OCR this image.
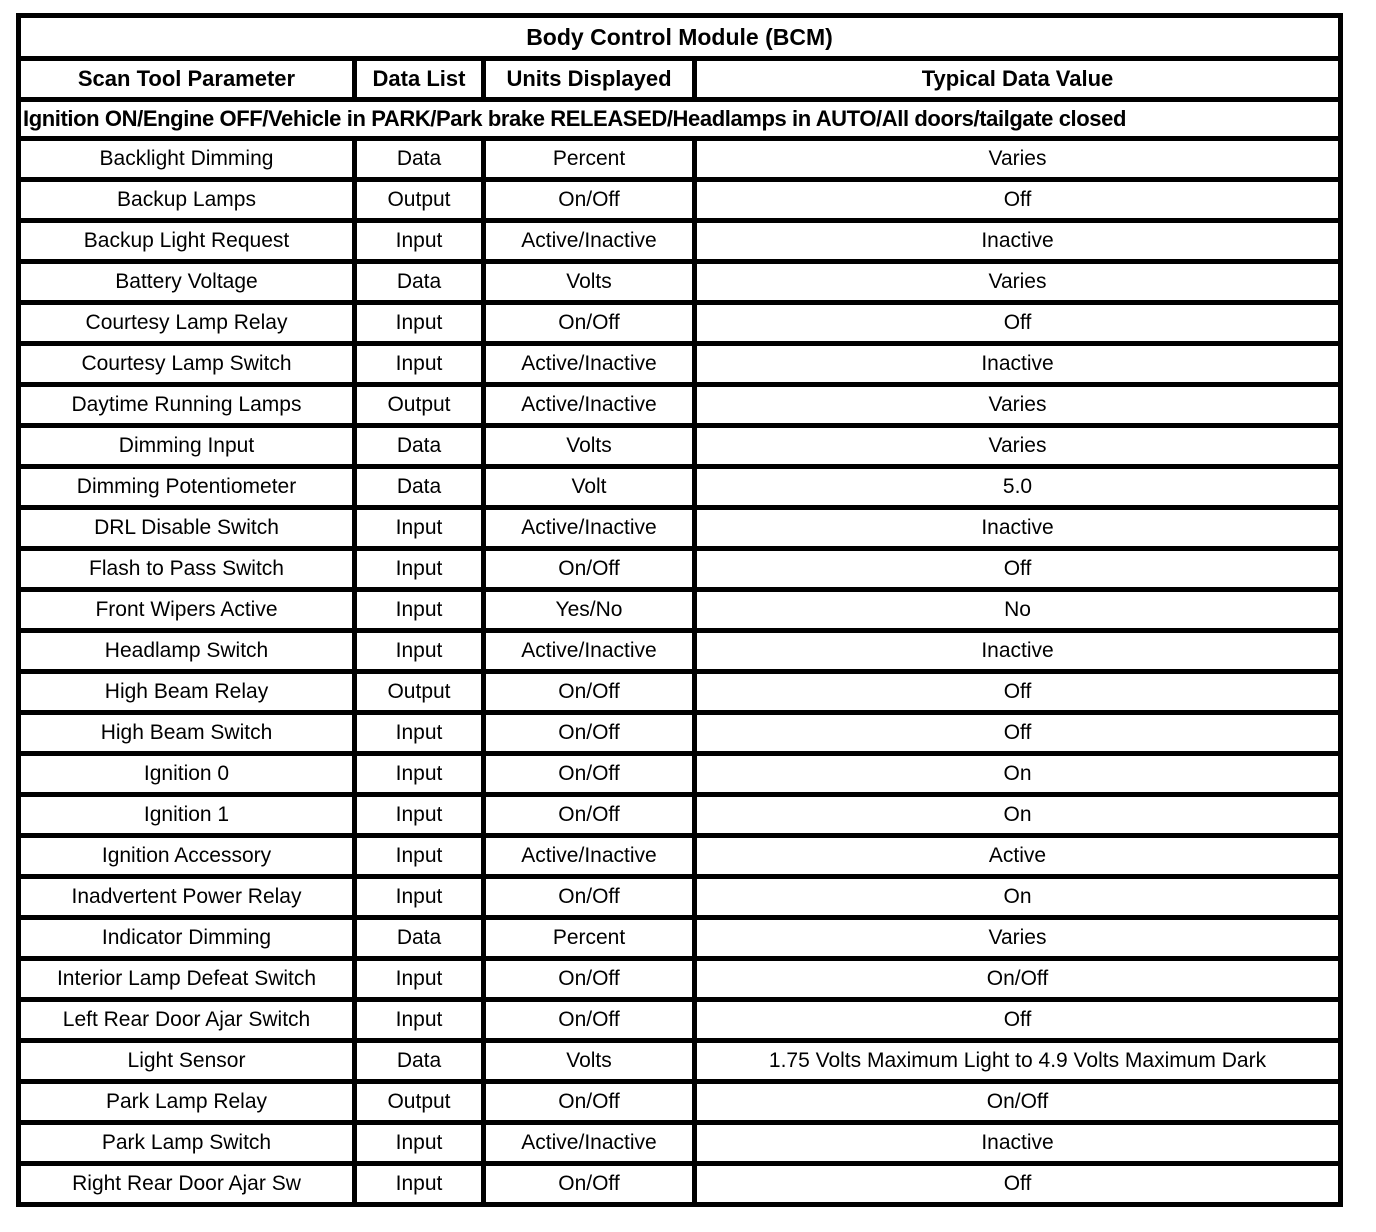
Body Control Module (BCM)			
Scan Tool Parameter	Data List	Units Displayed	Typical Data Value
Ignition ON/Engine OFF/Vehicle in PARK/Park brake RELEASED/Headlamps in AUTO/All doors/tailgate closed			
Backlight Dimming	Data	Percent	Varies
Backup Lamps	Output	On/Off	Off
Backup Light Request	Input	Active/Inactive	Inactive
Battery Voltage	Data	Volts	Varies
Courtesy Lamp Relay	Input	On/Off	Off
Courtesy Lamp Switch	Input	Active/Inactive	Inactive
Daytime Running Lamps	Output	Active/Inactive	Varies
Dimming Input	Data	Volts	Varies
Dimming Potentiometer	Data	Volt	5.0
DRL Disable Switch	Input	Active/Inactive	Inactive
Flash to Pass Switch	Input	On/Off	Off
Front Wipers Active	Input	Yes/No	No
Headlamp Switch	Input	Active/Inactive	Inactive
High Beam Relay	Output	On/Off	Off
High Beam Switch	Input	On/Off	Off
Ignition 0	Input	On/Off	On
Ignition 1	Input	On/Off	On
Ignition Accessory	Input	Active/Inactive	Active
Inadvertent Power Relay	Input	On/Off	On
Indicator Dimming	Data	Percent	Varies
Interior Lamp Defeat Switch	Input	On/Off	On/Off
Left Rear Door Ajar Switch	Input	On/Off	Off
Light Sensor	Data	Volts	1.75 Volts Maximum Light to 4.9 Volts Maximum Dark
Park Lamp Relay	Output	On/Off	On/Off
Park Lamp Switch	Input	Active/Inactive	Inactive
Right Rear Door Ajar Sw	Input	On/Off	Off
